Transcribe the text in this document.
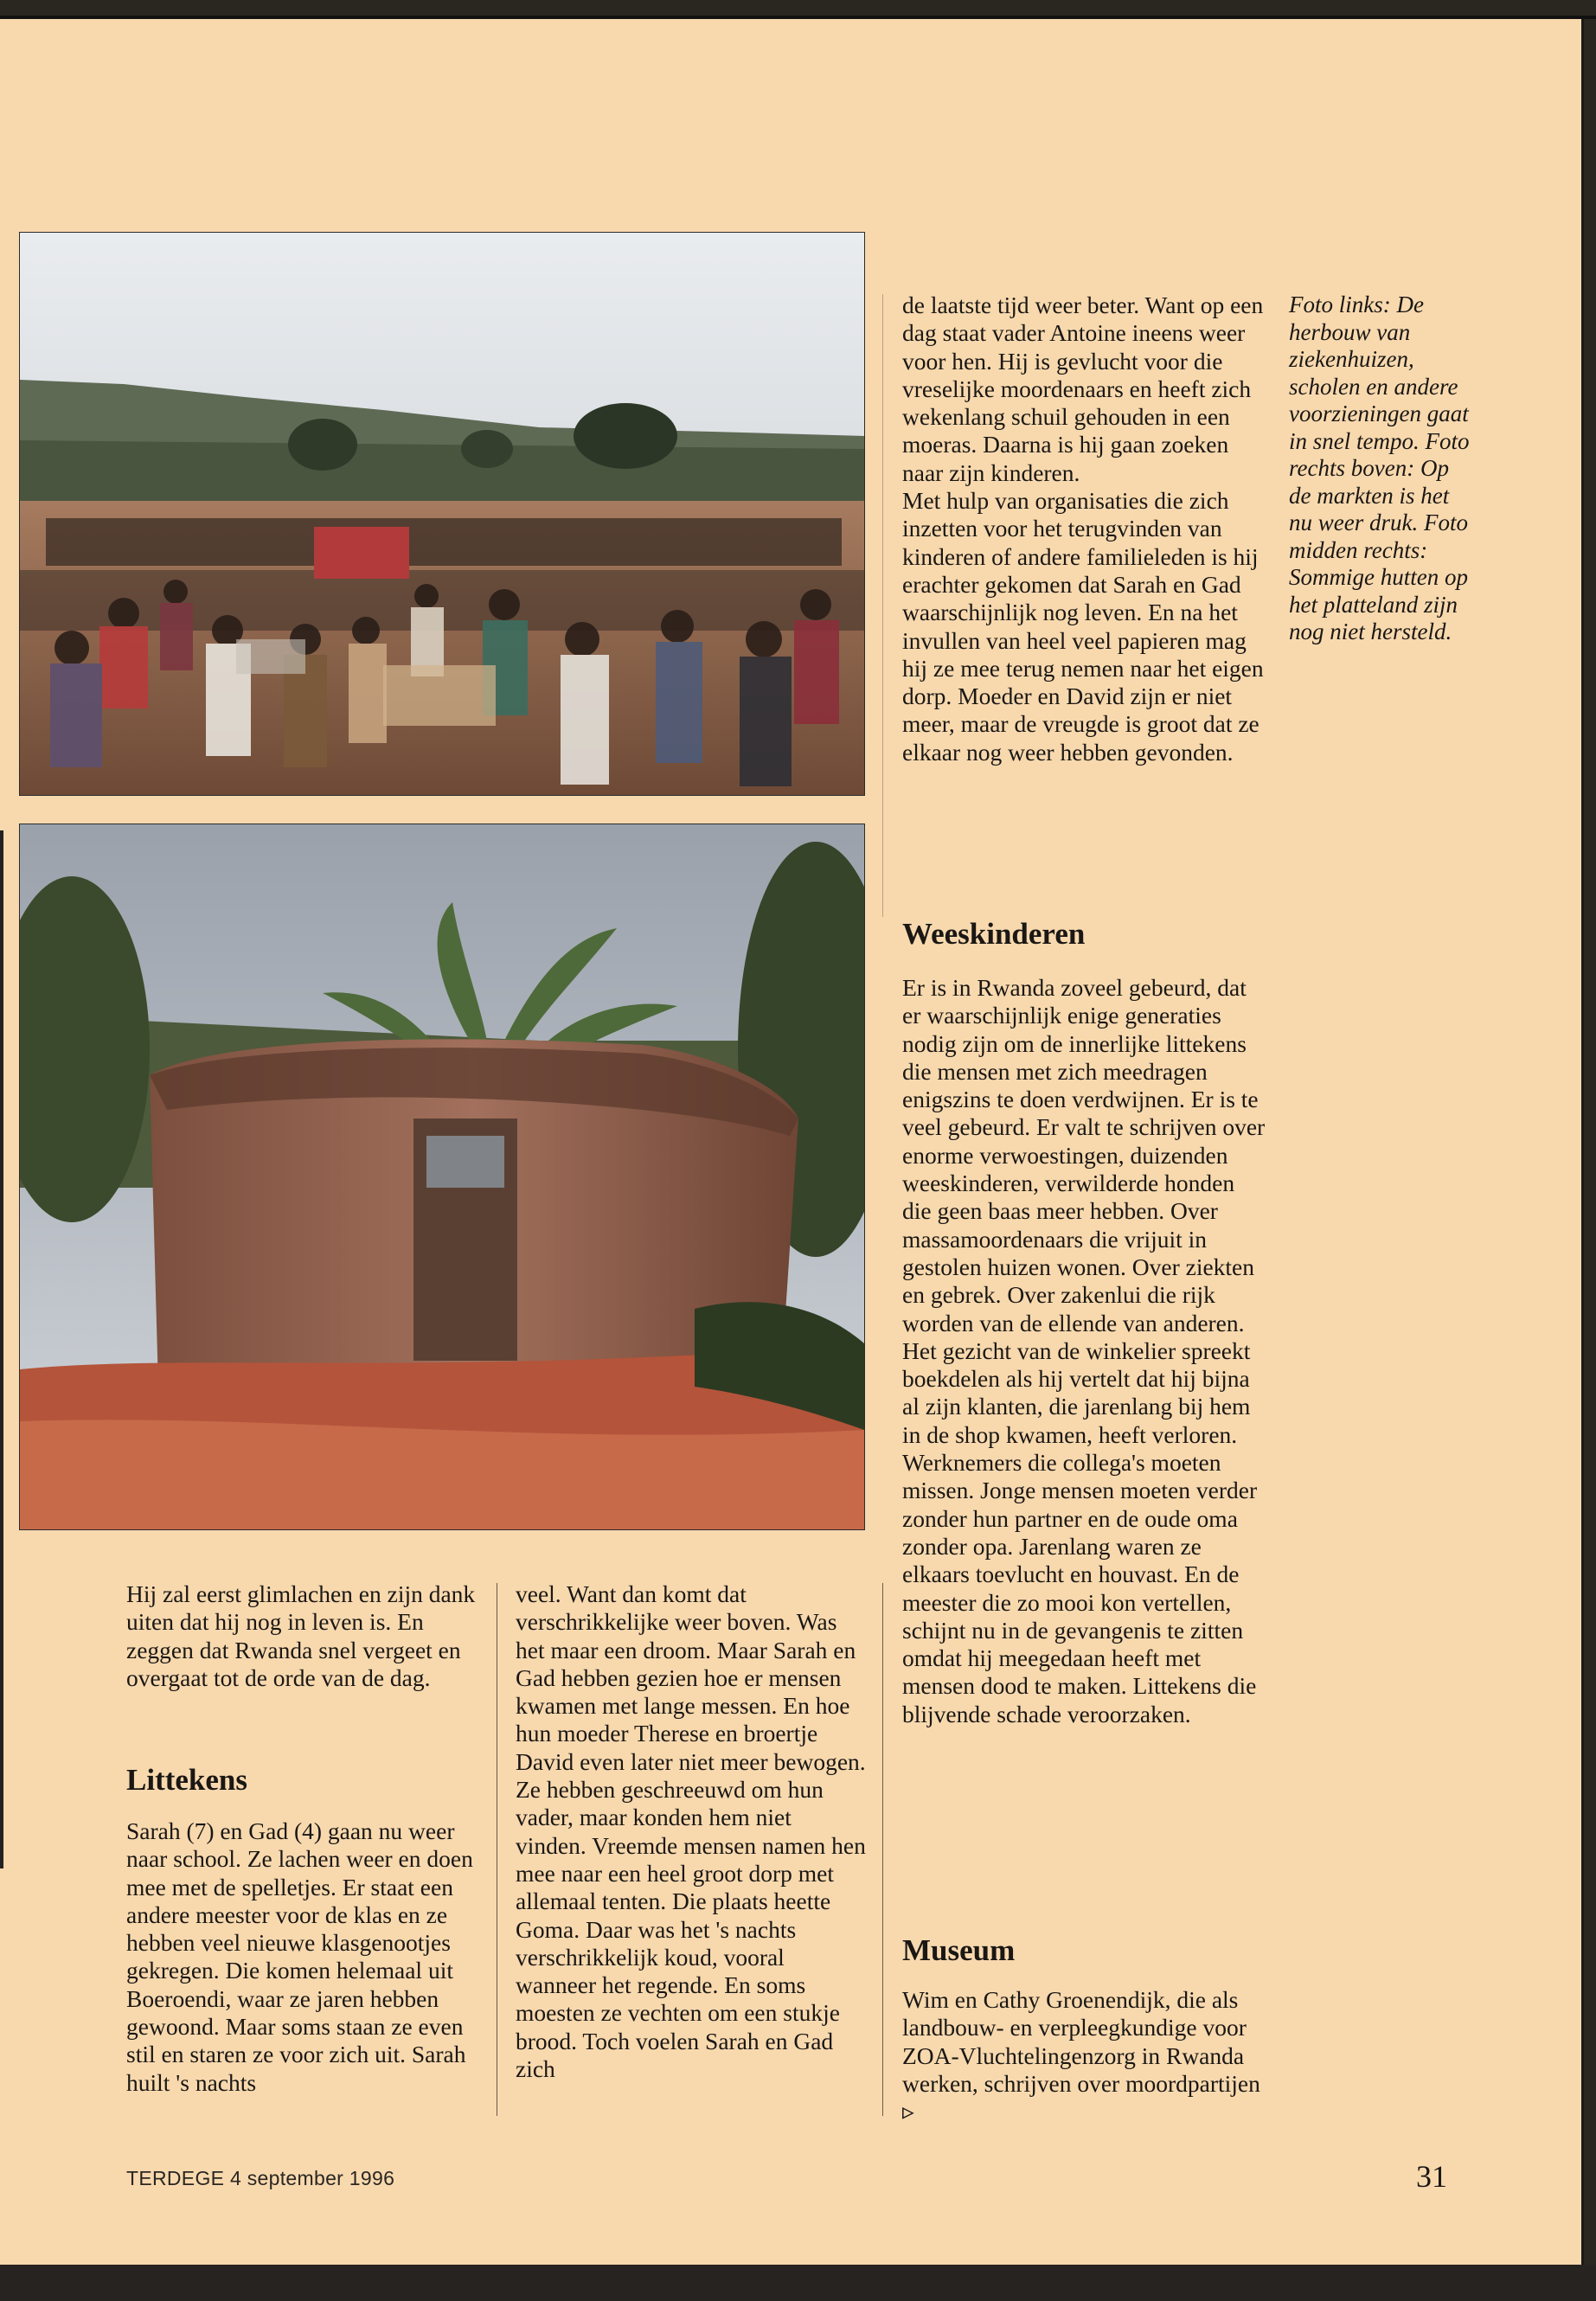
de laatste tijd weer beter. Want op een dag staat vader Antoine ineens weer voor hen. Hij is gevlucht voor die vreselijke moordenaars en heeft zich wekenlang schuil gehouden in een moeras. Daarna is hij gaan zoeken naar zijn kinderen.

Met hulp van organisaties die zich inzetten voor het terugvinden van kinderen of andere familieleden is hij erachter gekomen dat Sarah en Gad waarschijnlijk nog leven. En na het invullen van heel veel papieren mag hij ze mee terug nemen naar het eigen dorp. Moeder en David zijn er niet meer, maar de vreugde is groot dat ze elkaar nog weer hebben gevonden.

Foto links: De herbouw van ziekenhuizen, scholen en andere voorzieningen gaat in snel tempo. Foto rechts boven: Op de markten is het nu weer druk. Foto midden rechts: Sommige hutten op het platteland zijn nog niet hersteld.
Weeskinderen

Er is in Rwanda zoveel gebeurd, dat er waarschijnlijk enige generaties nodig zijn om de innerlijke littekens die mensen met zich meedragen enigszins te doen verdwijnen. Er is te veel gebeurd. Er valt te schrijven over enorme verwoestingen, duizenden weeskinderen, verwilderde honden die geen baas meer hebben. Over massamoordenaars die vrijuit in gestolen huizen wonen. Over ziekten en gebrek. Over zakenlui die rijk worden van de ellende van anderen.

Het gezicht van de winkelier spreekt boekdelen als hij vertelt dat hij bijna al zijn klanten, die jarenlang bij hem in de shop kwamen, heeft verloren. Werknemers die collega's moeten missen. Jonge mensen moeten verder zonder hun partner en de oude oma zonder opa. Jarenlang waren ze elkaars toevlucht en houvast. En de meester die zo mooi kon vertellen, schijnt nu in de gevangenis te zitten omdat hij meegedaan heeft met mensen dood te maken. Littekens die blijvende schade veroorzaken.

Museum

Wim en Cathy Groenendijk, die als landbouw- en verpleegkundige voor ZOA-Vluchtelingenzorg in Rwanda werken, schrijven over moordpartijen ▹

Hij zal eerst glimlachen en zijn dank uiten dat hij nog in leven is. En zeggen dat Rwanda snel vergeet en overgaat tot de orde van de dag.

Littekens

Sarah (7) en Gad (4) gaan nu weer naar school. Ze lachen weer en doen mee met de spelletjes. Er staat een andere meester voor de klas en ze hebben veel nieuwe klasgenootjes gekregen. Die komen helemaal uit Boeroendi, waar ze jaren hebben gewoond. Maar soms staan ze even stil en staren ze voor zich uit. Sarah huilt 's nachts

veel. Want dan komt dat verschrikkelijke weer boven. Was het maar een droom. Maar Sarah en Gad hebben gezien hoe er mensen kwamen met lange messen. En hoe hun moeder Therese en broertje David even later niet meer bewogen. Ze hebben geschreeuwd om hun vader, maar konden hem niet vinden. Vreemde mensen namen hen mee naar een heel groot dorp met allemaal tenten. Die plaats heette Goma. Daar was het 's nachts verschrikkelijk koud, vooral wanneer het regende. En soms moesten ze vechten om een stukje brood. Toch voelen Sarah en Gad zich

TERDEGE 4 september 1996	31
